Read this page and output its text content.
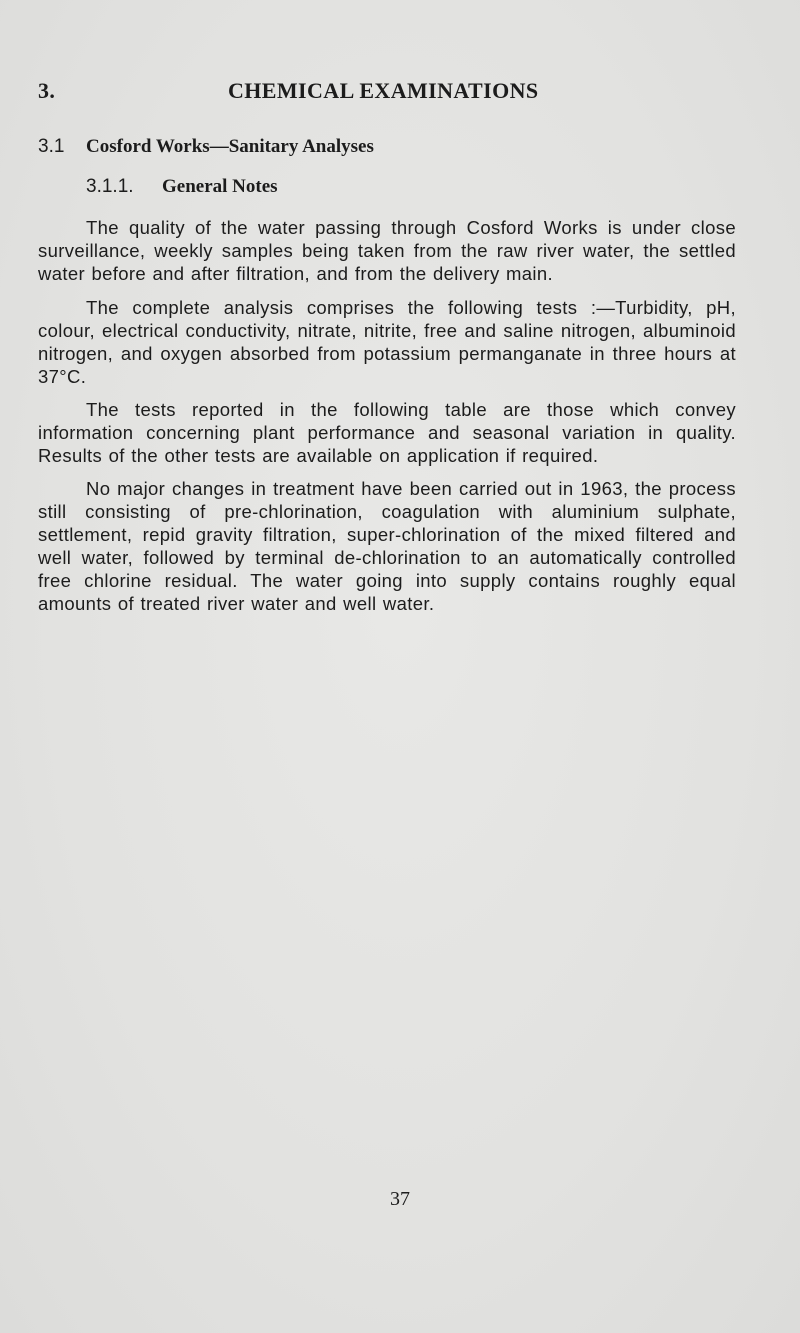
3.	CHEMICAL EXAMINATIONS
3.1 Cosford Works—Sanitary Analyses
3.1.1. General Notes

The quality of the water passing through Cosford Works is under close surveillance, weekly samples being taken from the raw river water, the settled water before and after filtration, and from the delivery main.

The complete analysis comprises the following tests :—Turbidity, pH, colour, electrical conductivity, nitrate, nitrite, free and saline nitrogen, albuminoid nitrogen, and oxygen absorbed from potassium permanganate in three hours at 37°C.

The tests reported in the following table are those which convey information concerning plant performance and seasonal variation in quality. Results of the other tests are available on application if required.

No major changes in treatment have been carried out in 1963, the process still consisting of pre-chlorination, coagulation with aluminium sulphate, settlement, repid gravity filtration, super-chlorination of the mixed filtered and well water, followed by terminal de-chlorination to an automatically controlled free chlorine residual. The water going into supply contains roughly equal amounts of treated river water and well water.

37
